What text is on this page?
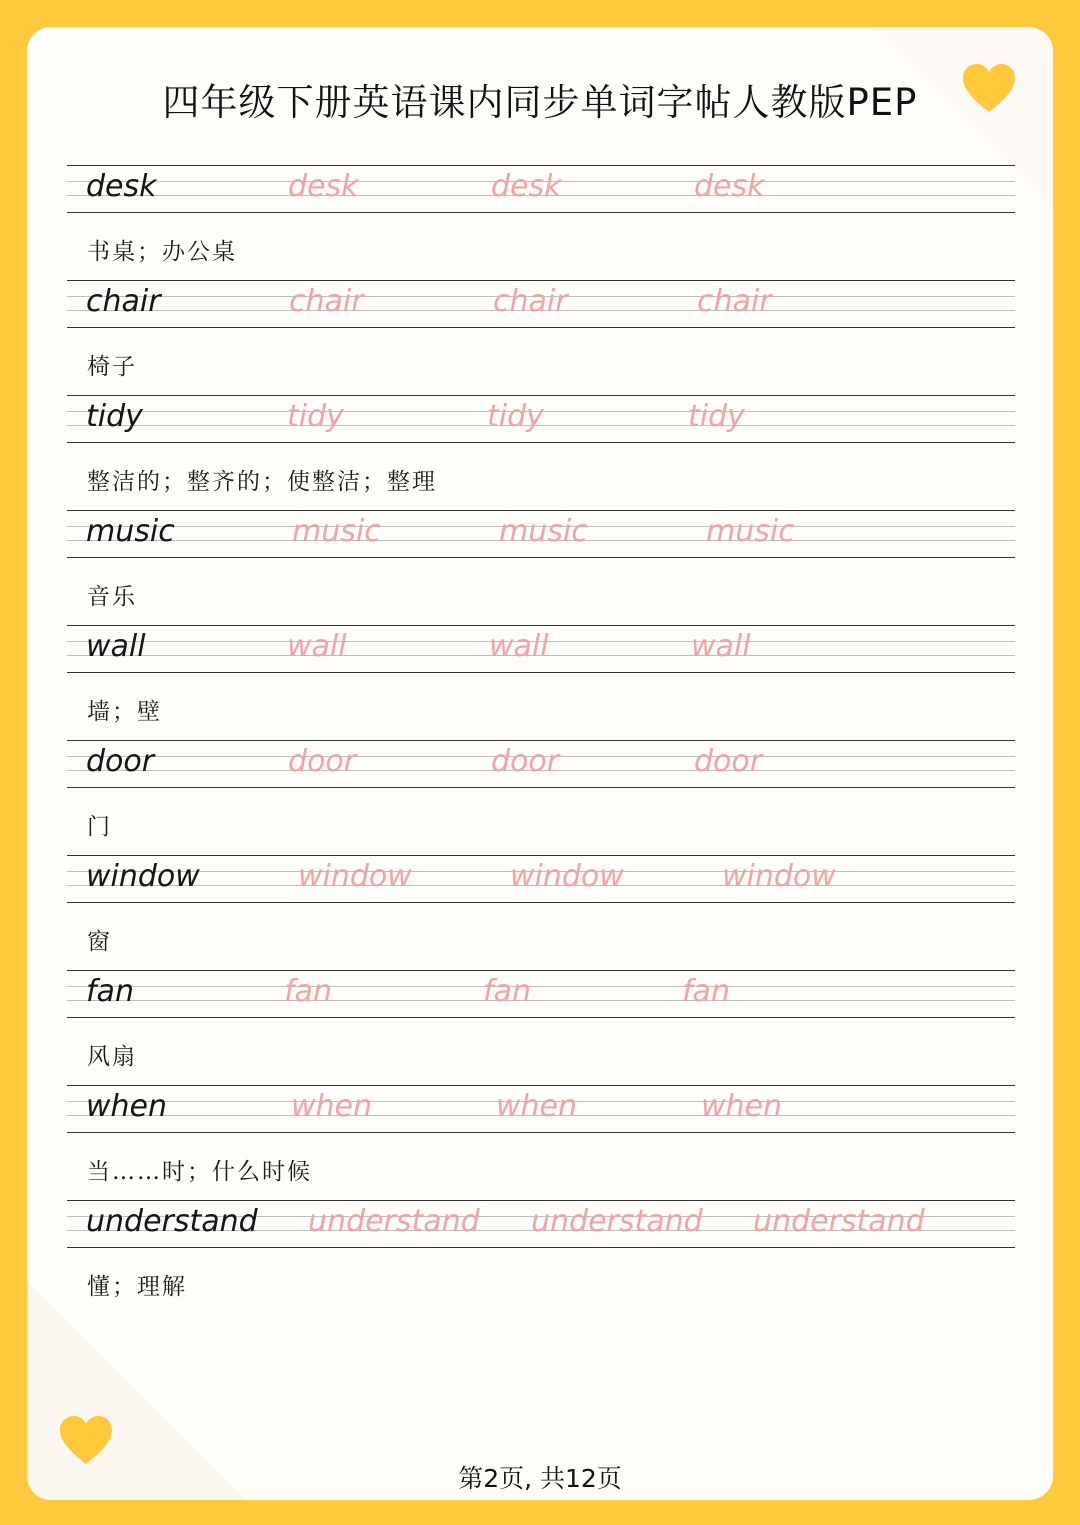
四年级下册英语课内同步单词字帖人教版PEP
desk	desk	desk	desk
书桌；办公桌
chair	chair	chair	chair
椅子
tidy	tidy	tidy	tidy
整洁的；整齐的；使整洁；整理
music	music	music	music
音乐
wall	wall	wall	wall
墙；壁
door	door	door	door
门
window	window	window	window
窗
fan	fan	fan	fan
风扇
when	when	when	when
当……时；什么时候
understand understand understand understand
懂；理解
第2页, 共12页
